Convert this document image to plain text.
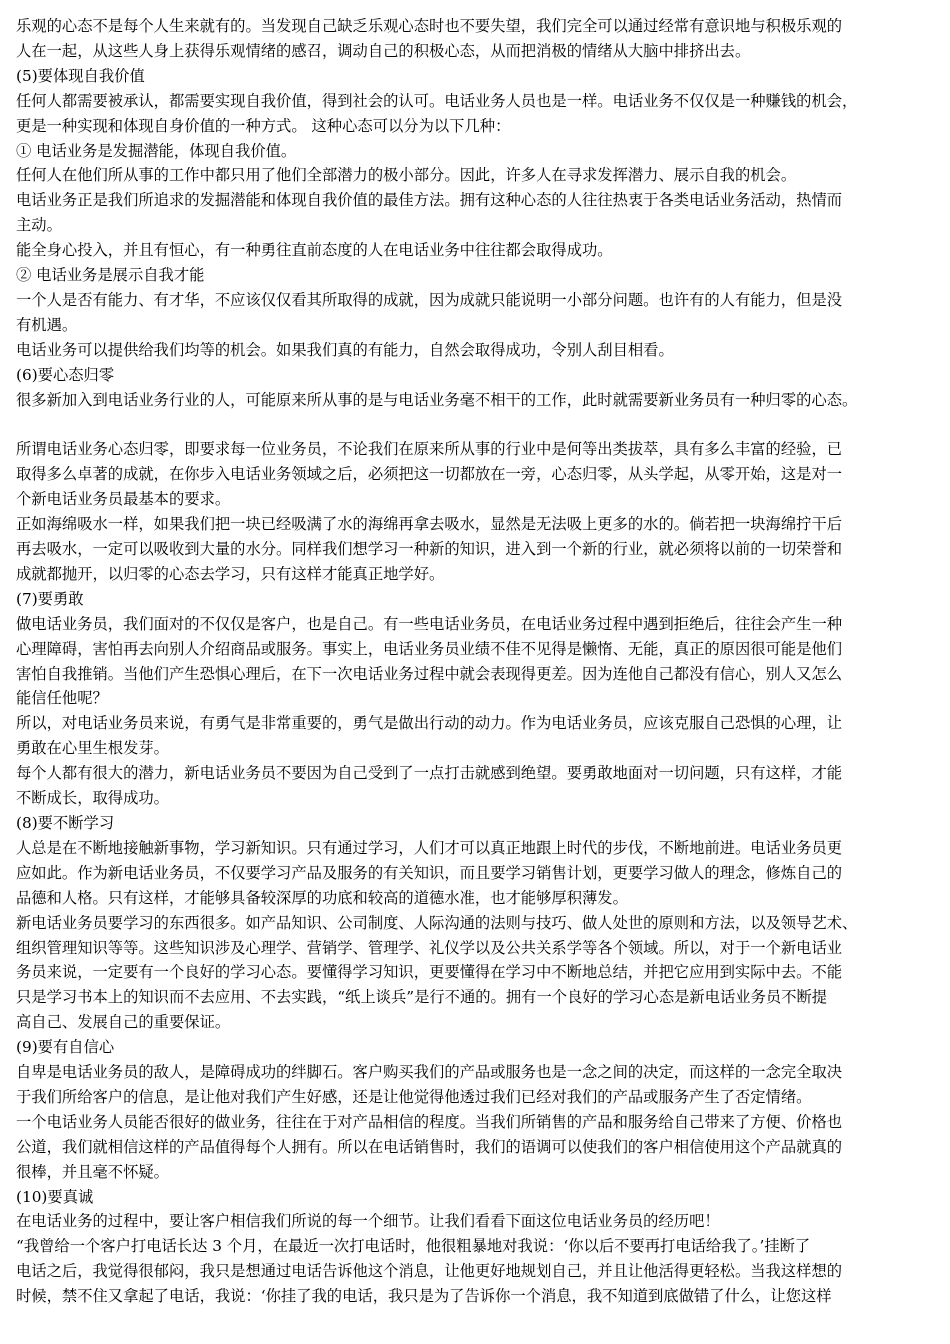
乐观的心态不是每个人生来就有的。当发现自己缺乏乐观心态时也不要失望，我们完全可以通过经常有意识地与积极乐观的
人在一起，从这些人身上获得乐观情绪的感召，调动自己的积极心态，从而把消极的情绪从大脑中排挤出去。
(5)要体现自我价值
任何人都需要被承认，都需要实现自我价值，得到社会的认可。电话业务人员也是一样。电话业务不仅仅是一种赚钱的机会，
更是一种实现和体现自身价值的一种方式。 这种心态可以分为以下几种：
① 电话业务是发掘潜能，体现自我价值。
任何人在他们所从事的工作中都只用了他们全部潜力的极小部分。因此，许多人在寻求发挥潜力、展示自我的机会。
电话业务正是我们所追求的发掘潜能和体现自我价值的最佳方法。拥有这种心态的人往往热衷于各类电话业务活动，热情而
主动。
能全身心投入，并且有恒心，有一种勇往直前态度的人在电话业务中往往都会取得成功。
② 电话业务是展示自我才能
一个人是否有能力、有才华，不应该仅仅看其所取得的成就，因为成就只能说明一小部分问题。也许有的人有能力，但是没
有机遇。
电话业务可以提供给我们均等的机会。如果我们真的有能力，自然会取得成功，令别人刮目相看。
(6)要心态归零
很多新加入到电话业务行业的人，可能原来所从事的是与电话业务毫不相干的工作，此时就需要新业务员有一种归零的心态。
所谓电话业务心态归零，即要求每一位业务员，不论我们在原来所从事的行业中是何等出类拔萃，具有多么丰富的经验，已
取得多么卓著的成就，在你步入电话业务领域之后，必须把这一切都放在一旁，心态归零，从头学起，从零开始，这是对一
个新电话业务员最基本的要求。
正如海绵吸水一样，如果我们把一块已经吸满了水的海绵再拿去吸水，显然是无法吸上更多的水的。倘若把一块海绵拧干后
再去吸水，一定可以吸收到大量的水分。同样我们想学习一种新的知识，进入到一个新的行业，就必须将以前的一切荣誉和
成就都抛开，以归零的心态去学习，只有这样才能真正地学好。
(7)要勇敢
做电话业务员，我们面对的不仅仅是客户，也是自己。有一些电话业务员，在电话业务过程中遇到拒绝后，往往会产生一种
心理障碍，害怕再去向别人介绍商品或服务。事实上，电话业务员业绩不佳不见得是懒惰、无能，真正的原因很可能是他们
害怕自我推销。当他们产生恐惧心理后，在下一次电话业务过程中就会表现得更差。因为连他自己都没有信心，别人又怎么
能信任他呢？
所以，对电话业务员来说，有勇气是非常重要的，勇气是做出行动的动力。作为电话业务员，应该克服自己恐惧的心理，让
勇敢在心里生根发芽。
每个人都有很大的潜力，新电话业务员不要因为自己受到了一点打击就感到绝望。要勇敢地面对一切问题，只有这样，才能
不断成长，取得成功。
(8)要不断学习
人总是在不断地接触新事物，学习新知识。只有通过学习，人们才可以真正地跟上时代的步伐，不断地前进。电话业务员更
应如此。作为新电话业务员，不仅要学习产品及服务的有关知识，而且要学习销售计划，更要学习做人的理念，修炼自己的
品德和人格。只有这样，才能够具备较深厚的功底和较高的道德水准，也才能够厚积薄发。
新电话业务员要学习的东西很多。如产品知识、公司制度、人际沟通的法则与技巧、做人处世的原则和方法，以及领导艺术、
组织管理知识等等。这些知识涉及心理学、营销学、管理学、礼仪学以及公共关系学等各个领域。所以，对于一个新电话业
务员来说，一定要有一个良好的学习心态。要懂得学习知识，更要懂得在学习中不断地总结，并把它应用到实际中去。不能
只是学习书本上的知识而不去应用、不去实践，“纸上谈兵”是行不通的。拥有一个良好的学习心态是新电话业务员不断提
高自己、发展自己的重要保证。
(9)要有自信心
自卑是电话业务员的敌人，是障碍成功的绊脚石。客户购买我们的产品或服务也是一念之间的决定，而这样的一念完全取决
于我们所给客户的信息，是让他对我们产生好感，还是让他觉得他透过我们已经对我们的产品或服务产生了否定情绪。
一个电话业务人员能否很好的做业务，往往在于对产品相信的程度。当我们所销售的产品和服务给自己带来了方便、价格也
公道，我们就相信这样的产品值得每个人拥有。所以在电话销售时，我们的语调可以使我们的客户相信使用这个产品就真的
很棒，并且毫不怀疑。
(10)要真诚
在电话业务的过程中，要让客户相信我们所说的每一个细节。让我们看看下面这位电话业务员的经历吧！
“我曾给一个客户打电话长达 3 个月，在最近一次打电话时，他很粗暴地对我说：‘你以后不要再打电话给我了。’挂断了
电话之后，我觉得很郁闷，我只是想通过电话告诉他这个消息，让他更好地规划自己，并且让他活得更轻松。当我这样想的
时候，禁不住又拿起了电话，我说：‘你挂了我的电话，我只是为了告诉你一个消息，我不知道到底做错了什么，让您这样
